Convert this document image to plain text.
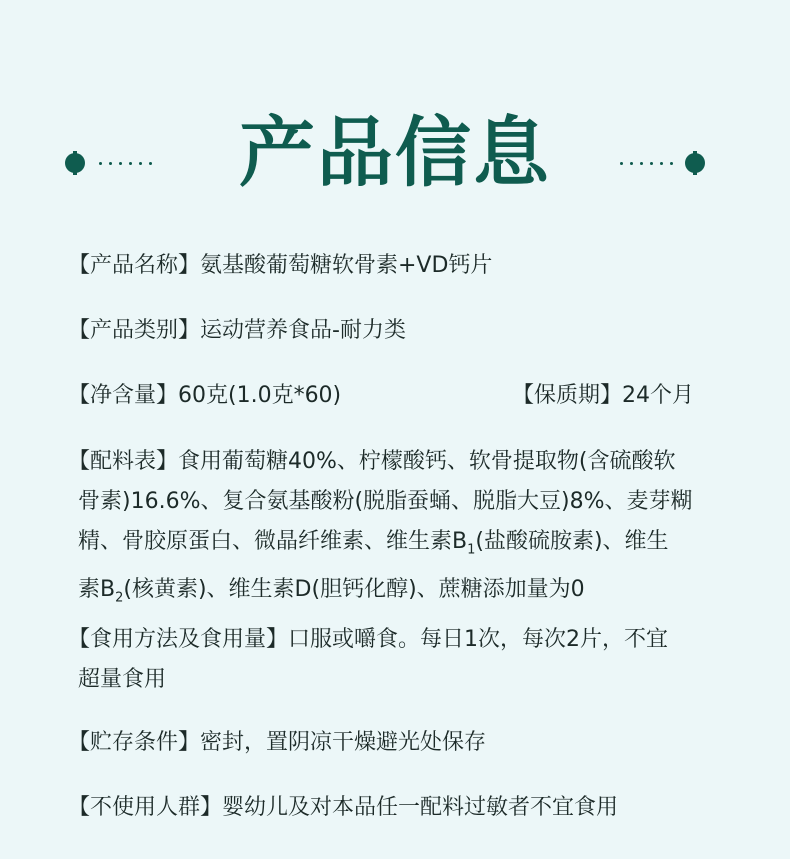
产品信息
【产品名称】氨基酸葡萄糖软骨素+VD钙片
【产品类别】运动营养食品-耐力类
【净含量】60克(1.0克*60)	【保质期】24个月
【配料表】食用葡萄糖40%、柠檬酸钙、软骨提取物(含硫酸软
骨素)16.6%、复合氨基酸粉(脱脂蚕蛹、脱脂大豆)8%、麦芽糊
精、骨胶原蛋白、微晶纤维素、维生素$B_1$(盐酸硫胺素)、维生
素$B_2$(核黄素)、维生素D(胆钙化醇)、蔗糖添加量为0
【食用方法及食用量】口服或嚼食。每日1次，每次2片，不宜
超量食用
【贮存条件】密封，置阴凉干燥避光处保存
【不使用人群】婴幼儿及对本品任一配料过敏者不宜食用
